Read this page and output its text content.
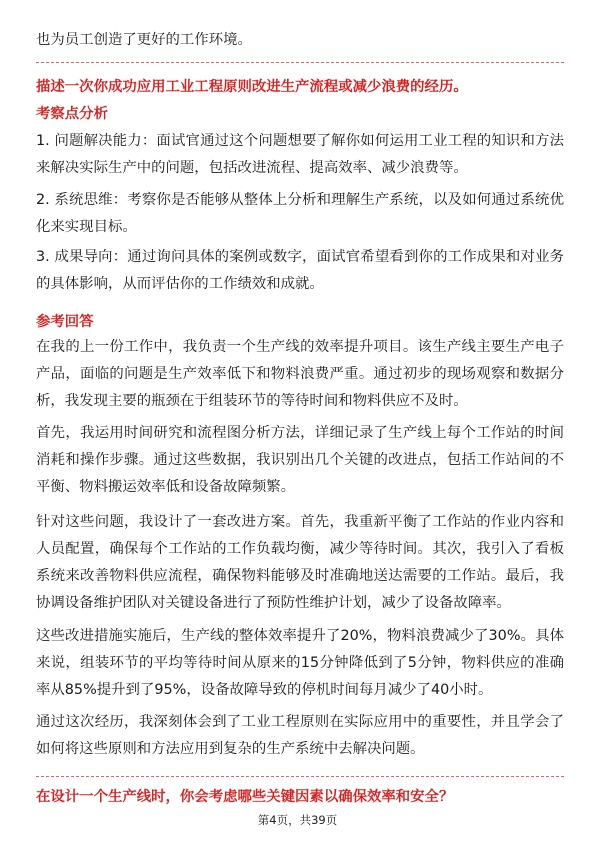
也为员工创造了更好的工作环境。

描述一次你成功应用工业工程原则改进生产流程或减少浪费的经历。

考察点分析

1. 问题解决能力：面试官通过这个问题想要了解你如何运用工业工程的知识和方法来解决实际生产中的问题，包括改进流程、提高效率、减少浪费等。

2. 系统思维：考察你是否能够从整体上分析和理解生产系统，以及如何通过系统优化来实现目标。

3. 成果导向：通过询问具体的案例或数字，面试官希望看到你的工作成果和对业务的具体影响，从而评估你的工作绩效和成就。

参考回答

在我的上一份工作中，我负责一个生产线的效率提升项目。该生产线主要生产电子产品，面临的问题是生产效率低下和物料浪费严重。通过初步的现场观察和数据分析，我发现主要的瓶颈在于组装环节的等待时间和物料供应不及时。

首先，我运用时间研究和流程图分析方法，详细记录了生产线上每个工作站的时间消耗和操作步骤。通过这些数据，我识别出几个关键的改进点，包括工作站间的不平衡、物料搬运效率低和设备故障频繁。

针对这些问题，我设计了一套改进方案。首先，我重新平衡了工作站的作业内容和人员配置，确保每个工作站的工作负载均衡，减少等待时间。其次，我引入了看板系统来改善物料供应流程，确保物料能够及时准确地送达需要的工作站。最后，我协调设备维护团队对关键设备进行了预防性维护计划，减少了设备故障率。

这些改进措施实施后，生产线的整体效率提升了20%，物料浪费减少了30%。具体来说，组装环节的平均等待时间从原来的15分钟降低到了5分钟，物料供应的准确率从85%提升到了95%，设备故障导致的停机时间每月减少了40小时。

通过这次经历，我深刻体会到了工业工程原则在实际应用中的重要性，并且学会了如何将这些原则和方法应用到复杂的生产系统中去解决问题。

在设计一个生产线时，你会考虑哪些关键因素以确保效率和安全？

第4页，共39页
